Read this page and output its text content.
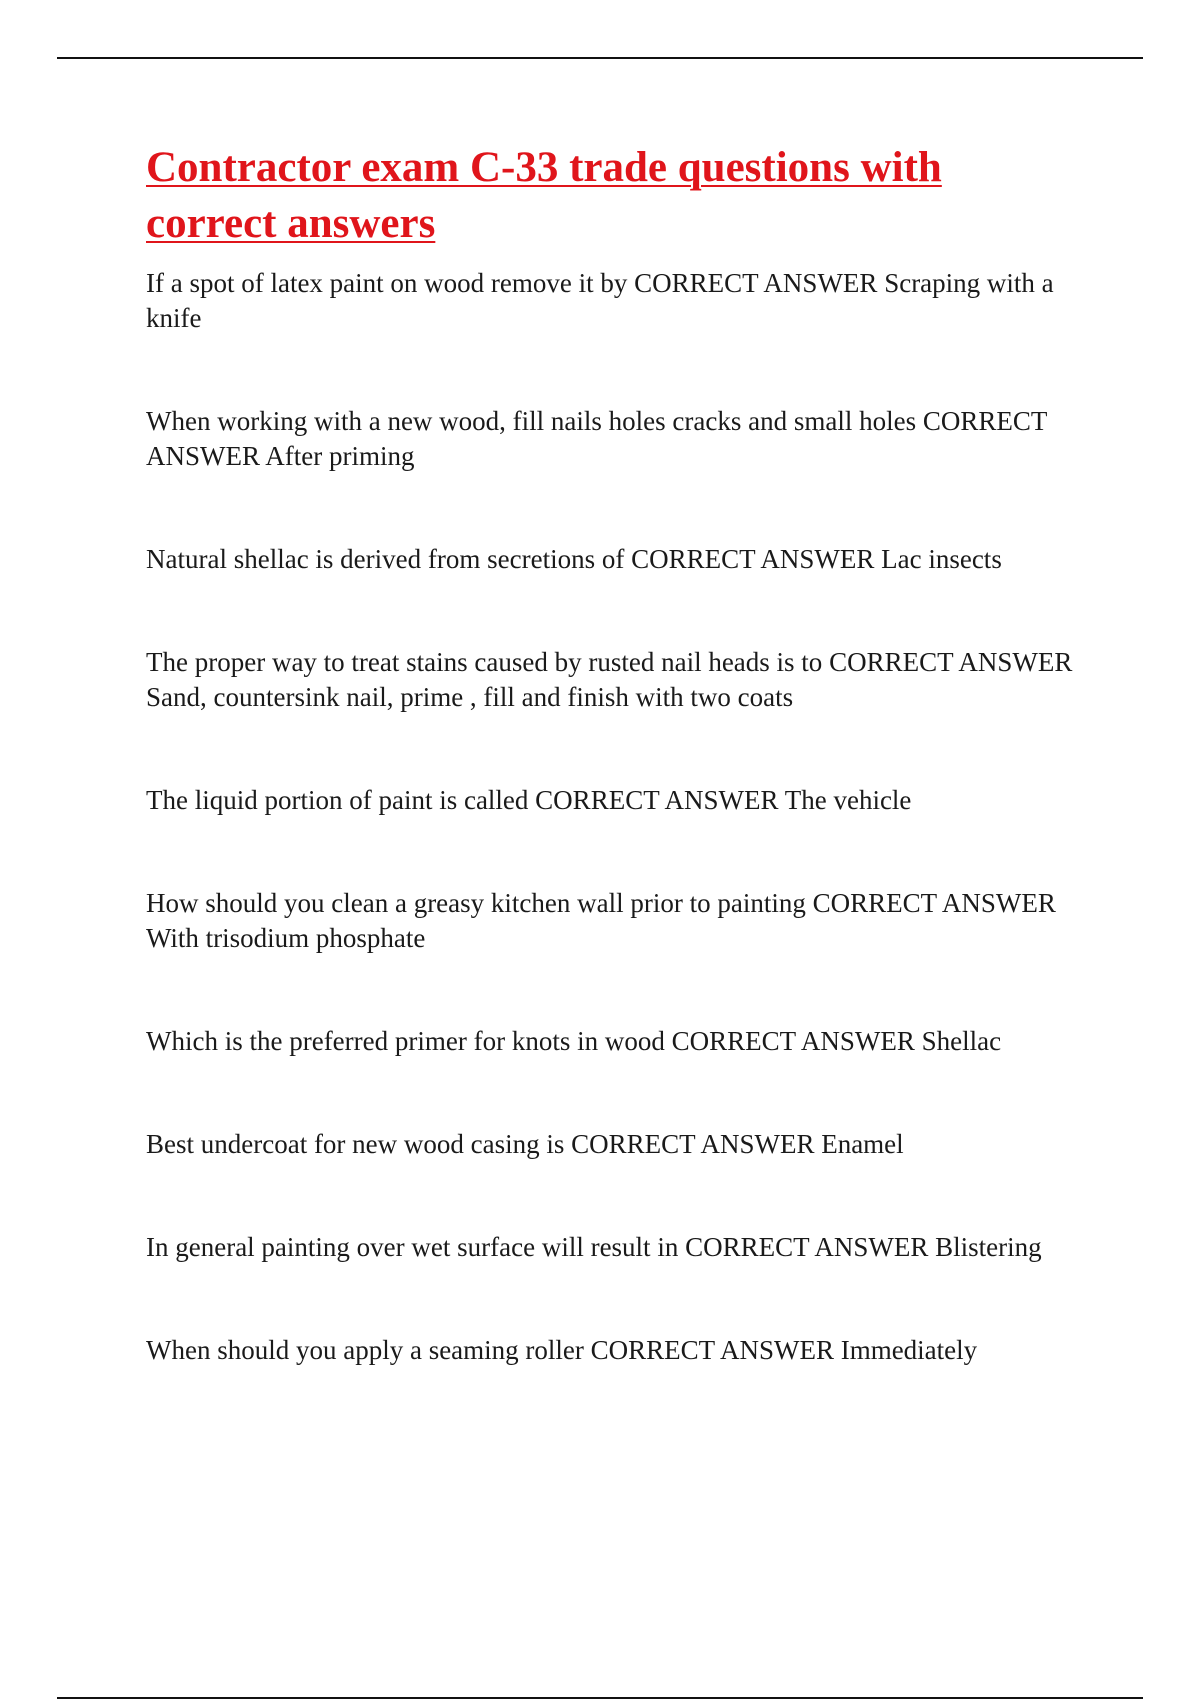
Contractor exam C-33 trade questions with correct answers
If a spot of latex paint on wood remove it by CORRECT ANSWER Scraping with a knife
When working with a new wood, fill nails holes cracks and small holes CORRECT ANSWER After priming
Natural shellac is derived from secretions of CORRECT ANSWER Lac insects
The proper way to treat stains caused by rusted nail heads is to CORRECT ANSWER Sand, countersink nail, prime , fill and finish with two coats
The liquid portion of paint is called CORRECT ANSWER The vehicle
How should you clean a greasy kitchen wall prior to painting CORRECT ANSWER With trisodium phosphate
Which is the preferred primer for knots in wood CORRECT ANSWER Shellac
Best undercoat for new wood casing is CORRECT ANSWER Enamel
In general painting over wet surface will result in CORRECT ANSWER Blistering
When should you apply a seaming roller CORRECT ANSWER Immediately
